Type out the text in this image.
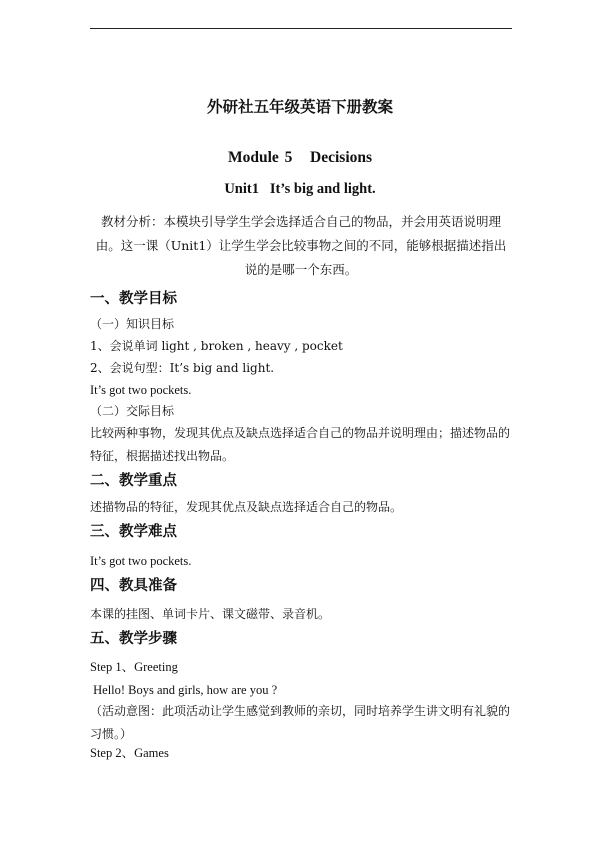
外研社五年级英语下册教案
Module 5   Decisions
Unit1   It’s big and light.
教材分析：本模块引导学生学会选择适合自己的物品，并会用英语说明理由。这一课（Unit1）让学生学会比较事物之间的不同，能够根据描述指出说的是哪一个东西。
一、教学目标
（一）知识目标
1、会说单词 light , broken , heavy , pocket
2、会说句型：It’s big and light.
It’s got two pockets.
（二）交际目标
比较两种事物，发现其优点及缺点选择适合自己的物品并说明理由；描述物品的特征，根据描述找出物品。
二、教学重点
述描物品的特征，发现其优点及缺点选择适合自己的物品。
三、教学难点
It’s got two pockets.
四、教具准备
本课的挂图、单词卡片、课文磁带、录音机。
五、教学步骤
Step 1、Greeting
Hello! Boys and girls, how are you ?
（活动意图：此项活动让学生感觉到教师的亲切，同时培养学生讲文明有礼貌的习惯。）
Step 2、Games
